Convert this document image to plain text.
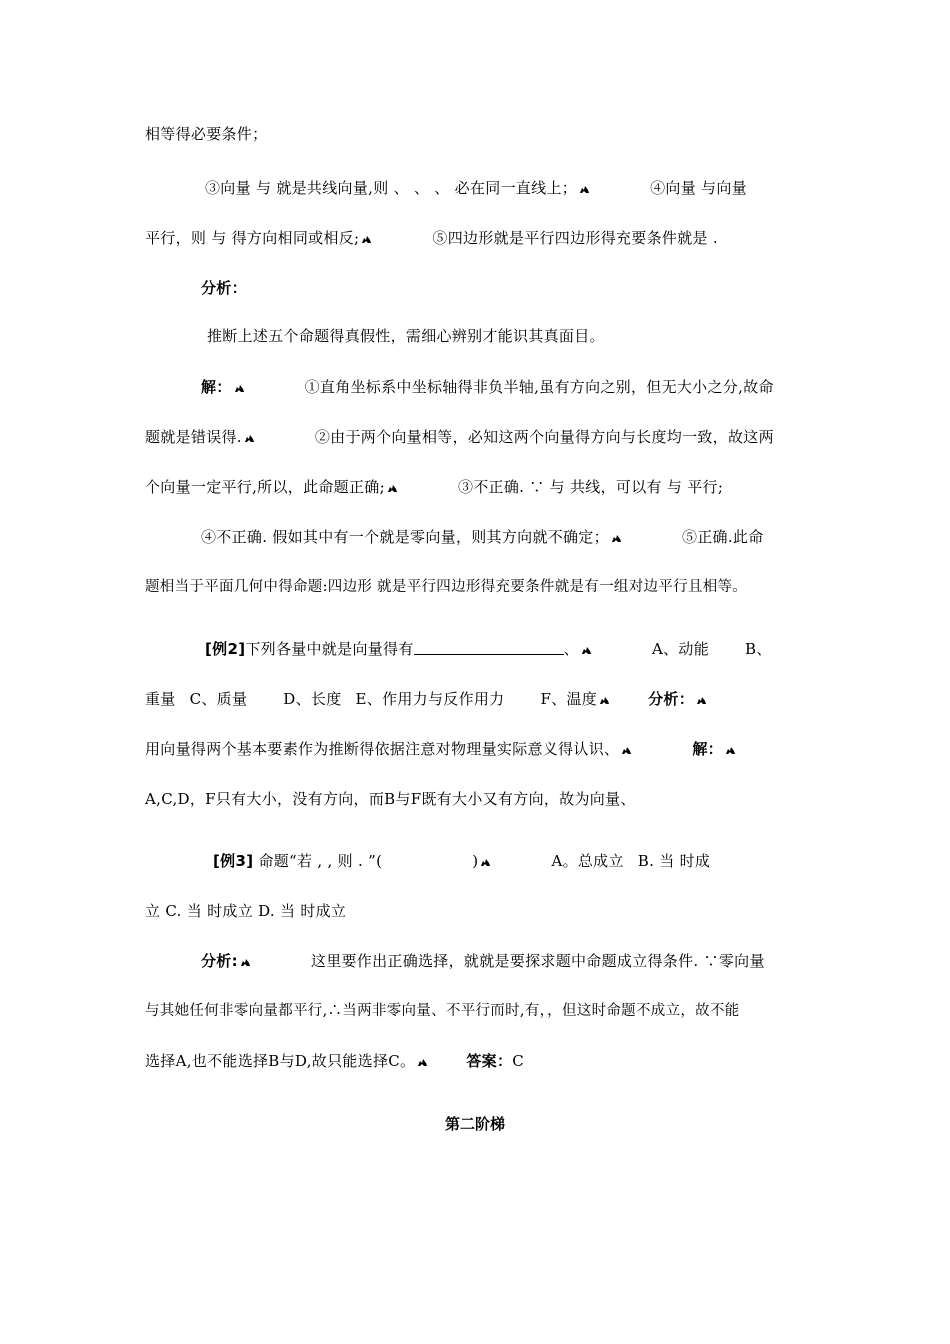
相等得必要条件；
③向量 与 就是共线向量,则 、 、 、 必在同一直线上；	④向量 与向量
平行，则 与 得方向相同或相反;	⑤四边形就是平行四边形得充要条件就是 .
分析：
推断上述五个命题得真假性，需细心辨别才能识其真面目。
解：	①直角坐标系中坐标轴得非负半轴,虽有方向之别，但无大小之分,故命
题就是错误得.	②由于两个向量相等，必知这两个向量得方向与长度均一致，故这两
个向量一定平行,所以，此命题正确;	③不正确. ∵ 与 共线，可以有 与 平行;
④不正确. 假如其中有一个就是零向量，则其方向就不确定；	⑤正确.此命
题相当于平面几何中得命题:四边形 就是平行四边形得充要条件就是有一组对边平行且相等。
[例2]下列各量中就是向量得有	、	A、动能 B、
重量 C、质量 D、长度 E、作用力与反作用力 F、温度	分析：
用向量得两个基本要素作为推断得依据注意对物理量实际意义得认识、	解：
A,C,D，F只有大小，没有方向，而B与F既有大小又有方向，故为向量、
[例3] 命题“若 , , 则 . ”(	)	A。总成立 B. 当 时成
立 C. 当 时成立 D. 当 时成立
分析:	这里要作出正确选择，就就是要探求题中命题成立得条件. ∵零向量
与其她任何非零向量都平行,∴当两非零向量、不平行而时,有，，但这时命题不成立，故不能
选择A,也不能选择B与D,故只能选择C。	答案：C
第二阶梯
